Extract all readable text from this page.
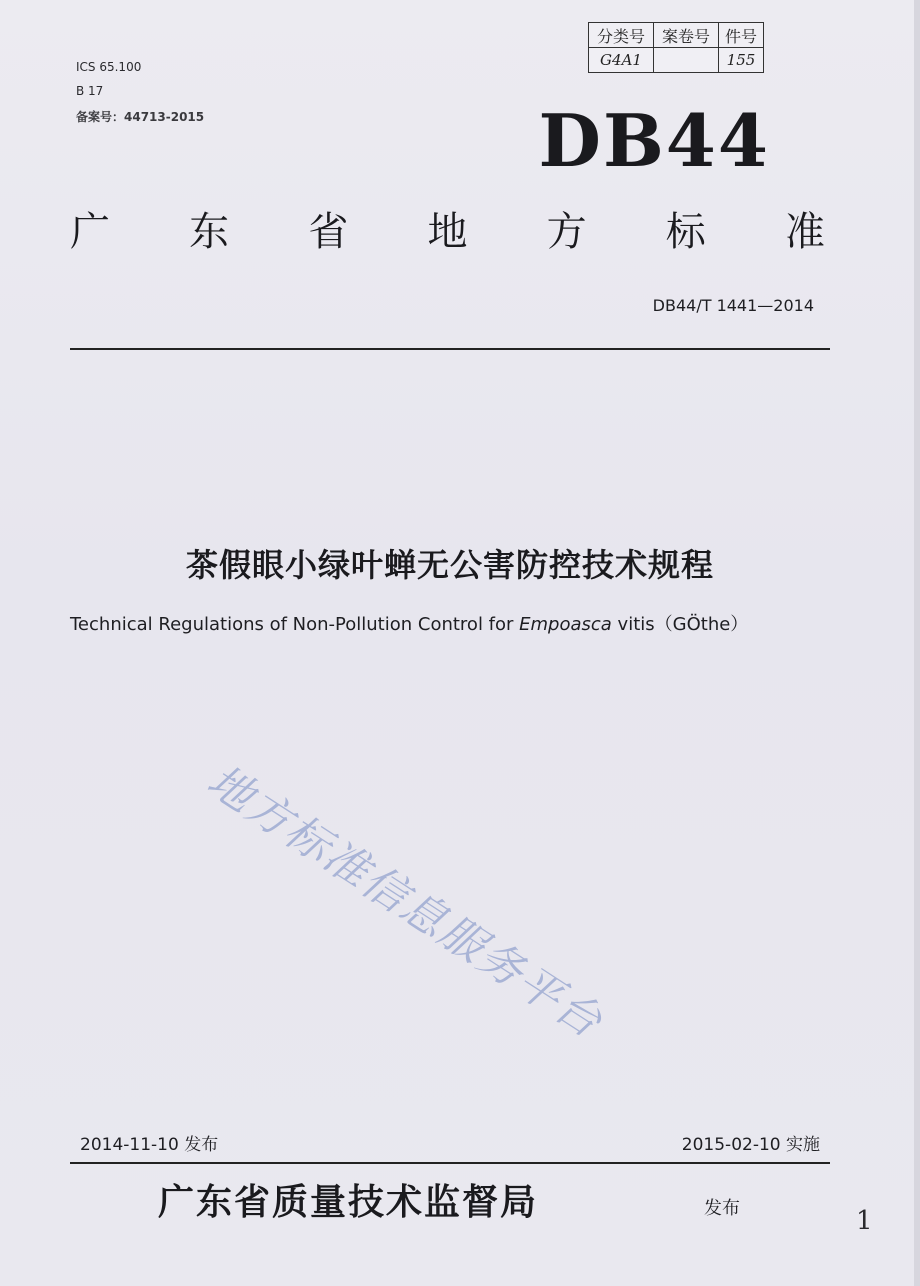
ICS 65.100
B 17
备案号：44713-2015
分类号	案卷号	件号
G4A1		155
DB44
广 东 省 地 方 标 准
DB44/T 1441—2014
茶假眼小绿叶蝉无公害防控技术规程
Technical Regulations of Non-Pollution Control for Empoasca vitis（GÖthe）
地方标准信息服务平台
2014-11-10 发布	2015-02-10 实施
广东省质量技术监督局	发布	1
